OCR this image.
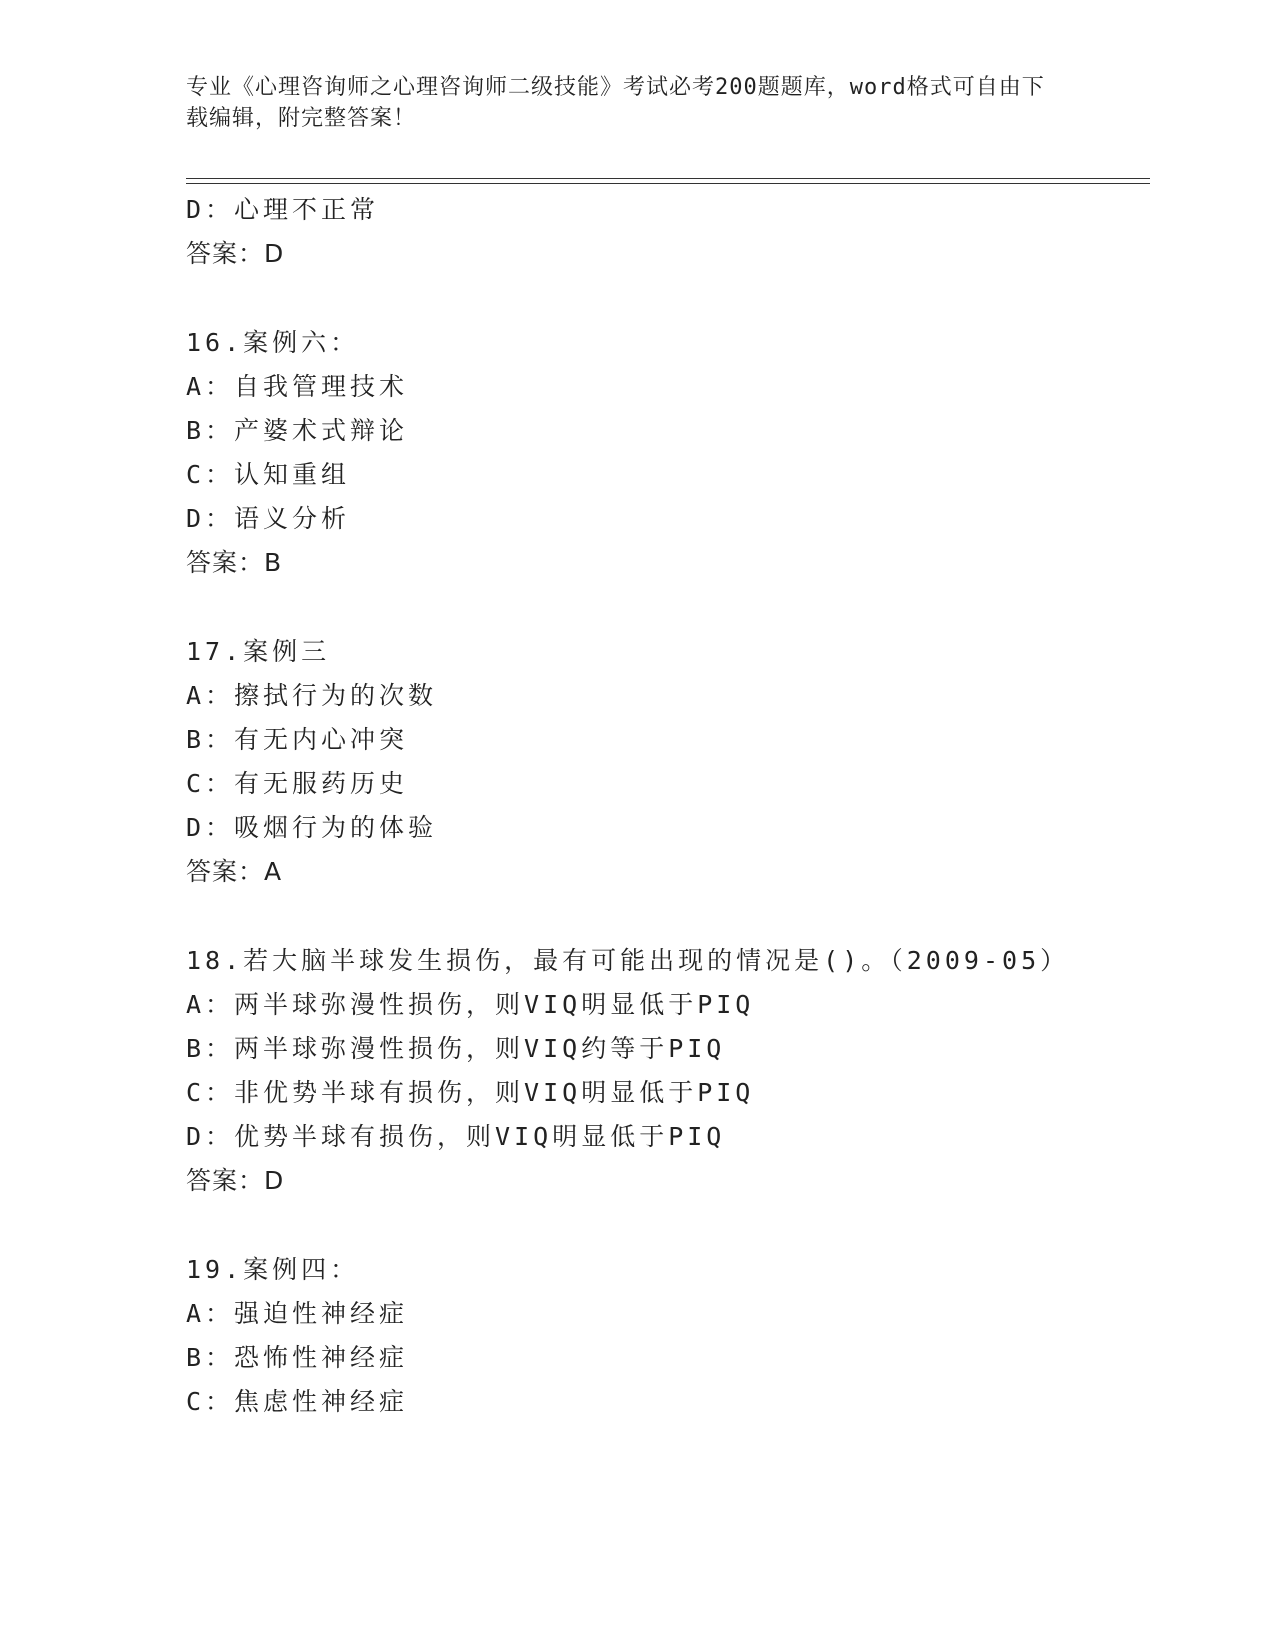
专业《心理咨询师之心理咨询师二级技能》考试必考200题题库，word格式可自由下载编辑，附完整答案！
D：心理不正常
答案：D
16.案例六：
A：自我管理技术
B：产婆术式辩论
C：认知重组
D：语义分析
答案：B
17.案例三
A：擦拭行为的次数
B：有无内心冲突
C：有无服药历史
D：吸烟行为的体验
答案：A
18.若大脑半球发生损伤，最有可能出现的情况是()。（2009-05）
A：两半球弥漫性损伤，则VIQ明显低于PIQ
B：两半球弥漫性损伤，则VIQ约等于PIQ
C：非优势半球有损伤，则VIQ明显低于PIQ
D：优势半球有损伤，则VIQ明显低于PIQ
答案：D
19.案例四：
A：强迫性神经症
B：恐怖性神经症
C：焦虑性神经症
